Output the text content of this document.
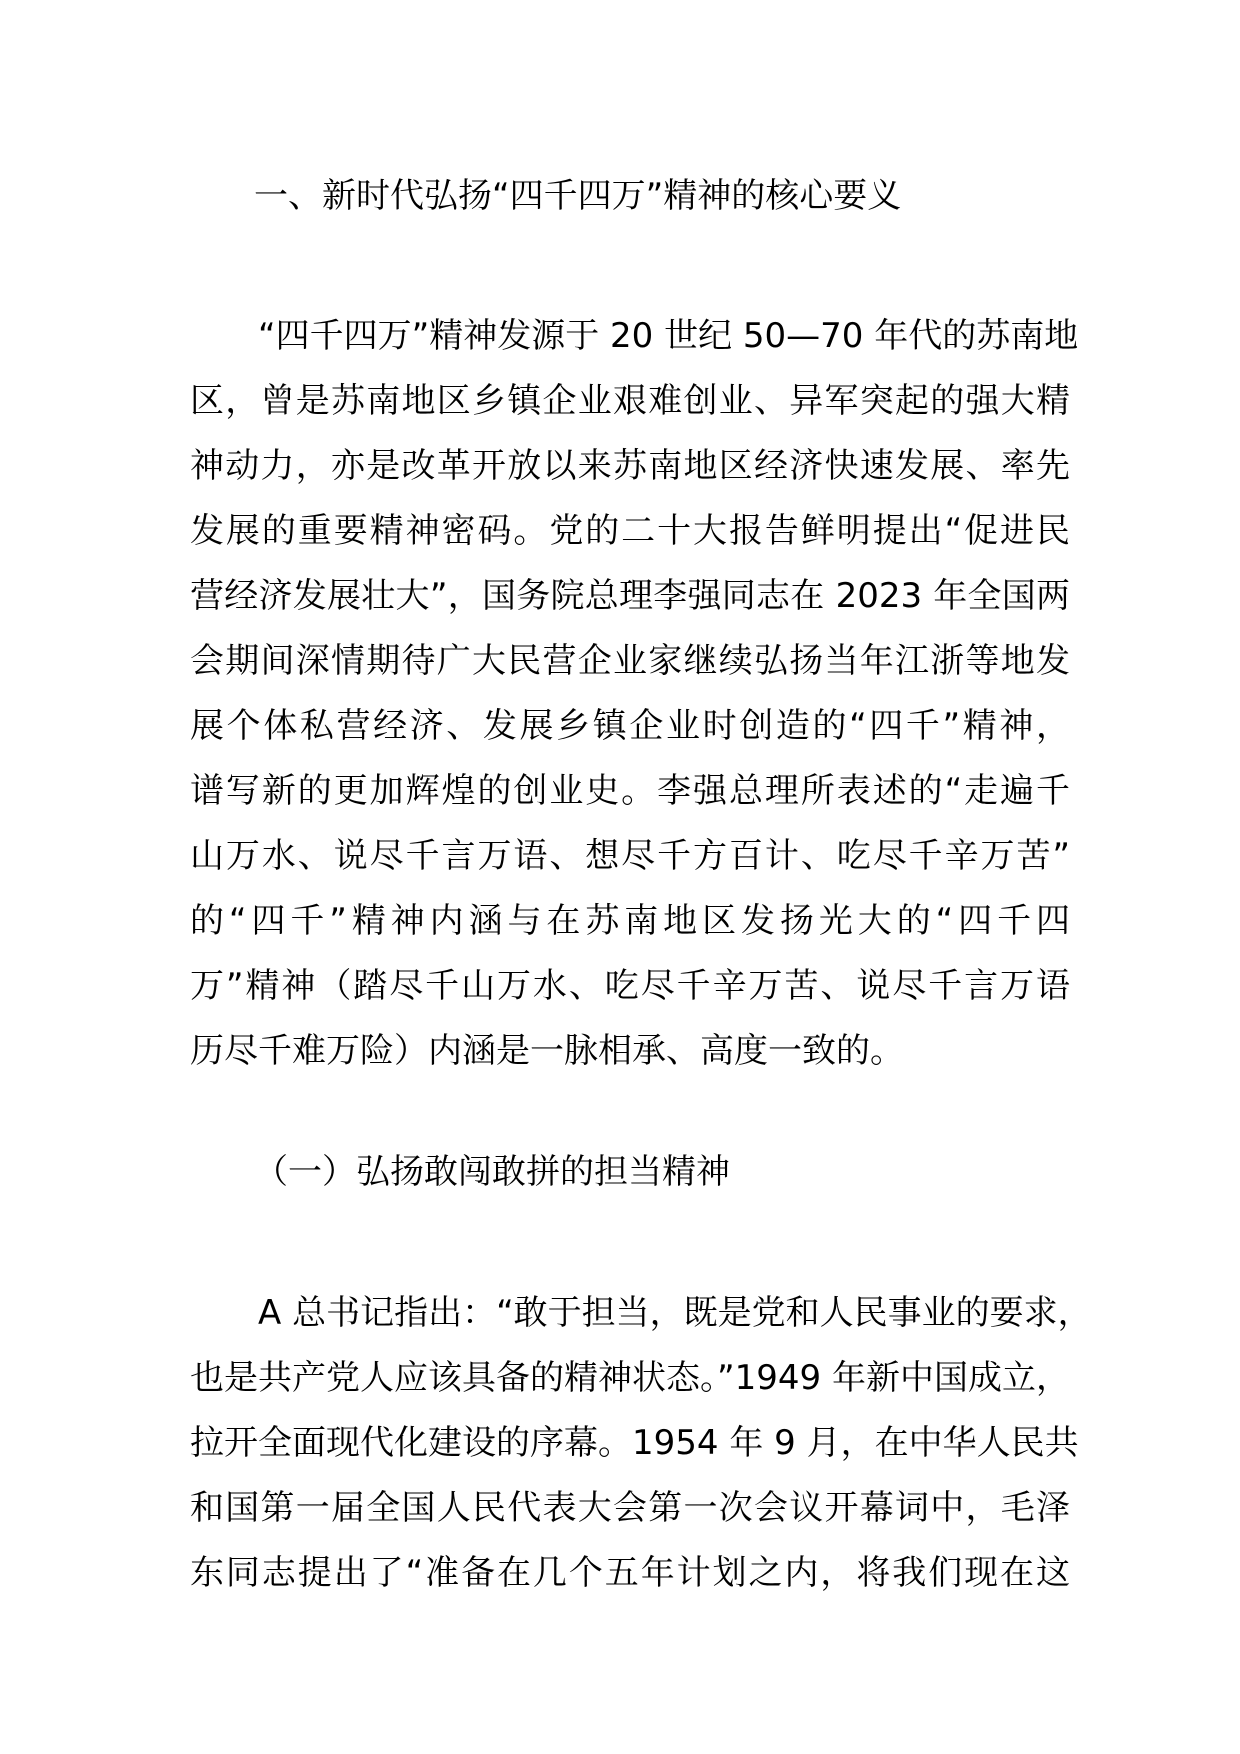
一、新时代弘扬“四千四万”精神的核心要义
“四千四万”精神发源于 20 世纪 50—70 年代的苏南地
区，曾是苏南地区乡镇企业艰难创业、异军突起的强大精
神动力，亦是改革开放以来苏南地区经济快速发展、率先
发展的重要精神密码。党的二十大报告鲜明提出“促进民
营经济发展壮大”，国务院总理李强同志在 2023 年全国两
会期间深情期待广大民营企业家继续弘扬当年江浙等地发
展个体私营经济、发展乡镇企业时创造的“四千”精神，
谱写新的更加辉煌的创业史。李强总理所表述的“走遍千
山万水、说尽千言万语、想尽千方百计、吃尽千辛万苦”
的“四千”精神内涵与在苏南地区发扬光大的“四千四
万”精神（踏尽千山万水、吃尽千辛万苦、说尽千言万语
历尽千难万险）内涵是一脉相承、高度一致的。
（一）弘扬敢闯敢拼的担当精神
A 总书记指出：“敢于担当，既是党和人民事业的要求，
也是共产党人应该具备的精神状态。”1949 年新中国成立，
拉开全面现代化建设的序幕。1954 年 9 月，在中华人民共
和国第一届全国人民代表大会第一次会议开幕词中，毛泽
东同志提出了“准备在几个五年计划之内，将我们现在这
